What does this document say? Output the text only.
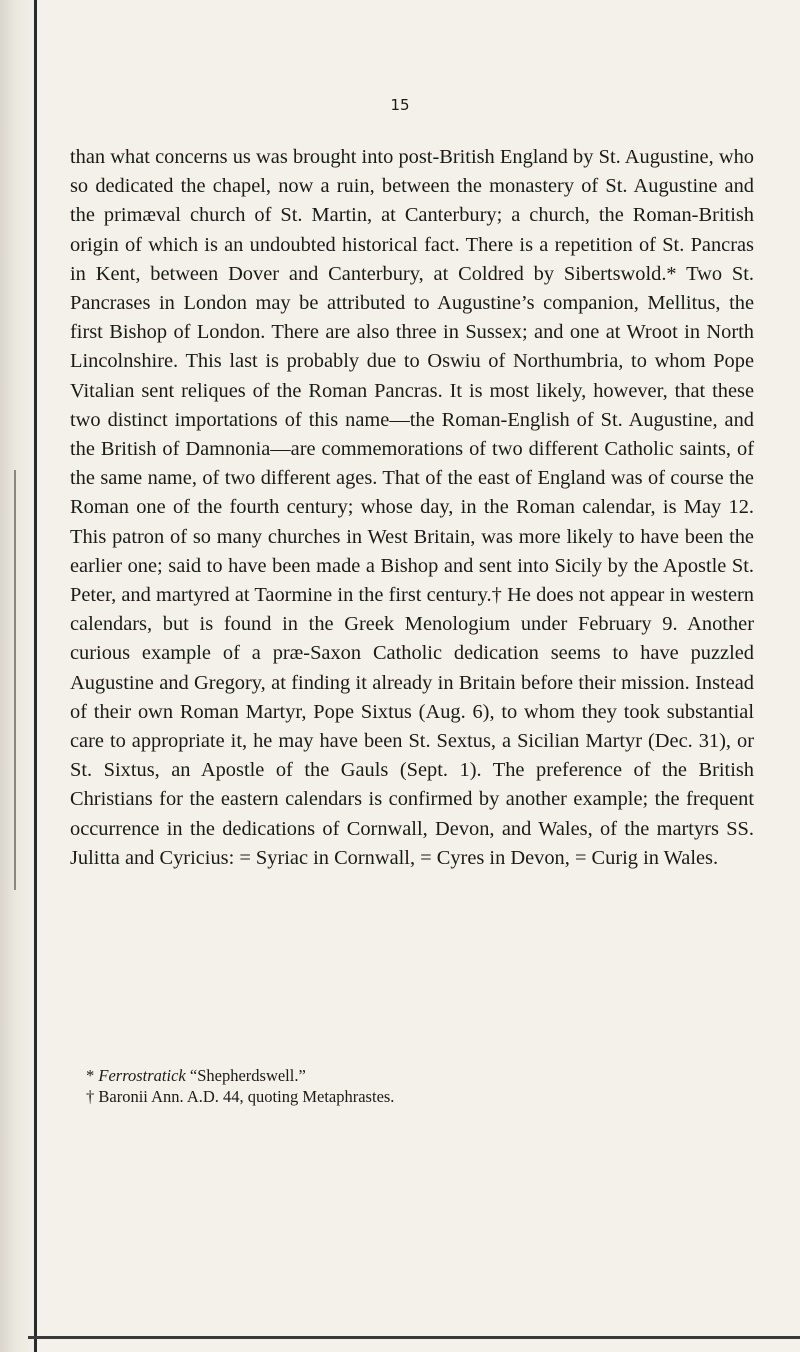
15

than what concerns us was brought into post-British England by St. Augustine, who so dedicated the chapel, now a ruin, between the monastery of St. Augustine and the primæval church of St. Martin, at Canterbury; a church, the Roman-British origin of which is an undoubted historical fact. There is a repetition of St. Pancras in Kent, between Dover and Canterbury, at Coldred by Sibertswold.* Two St. Pancrases in London may be attributed to Augustine’s companion, Mellitus, the first Bishop of London. There are also three in Sussex; and one at Wroot in North Lincolnshire. This last is probably due to Oswiu of Northumbria, to whom Pope Vitalian sent reliques of the Roman Pancras. It is most likely, however, that these two distinct importations of this name—the Roman-English of St. Augustine, and the British of Damnonia—are commemorations of two different Catholic saints, of the same name, of two different ages. That of the east of England was of course the Roman one of the fourth century; whose day, in the Roman calendar, is May 12. This patron of so many churches in West Britain, was more likely to have been the earlier one; said to have been made a Bishop and sent into Sicily by the Apostle St. Peter, and martyred at Taormine in the first century.† He does not appear in western calendars, but is found in the Greek Menologium under February 9. Another curious example of a præ-Saxon Catholic dedication seems to have puzzled Augustine and Gregory, at finding it already in Britain before their mission. Instead of their own Roman Martyr, Pope Sixtus (Aug. 6), to whom they took substantial care to appropriate it, he may have been St. Sextus, a Sicilian Martyr (Dec. 31), or St. Sixtus, an Apostle of the Gauls (Sept. 1). The preference of the British Christians for the eastern calendars is confirmed by another example; the frequent occurrence in the dedications of Cornwall, Devon, and Wales, of the martyrs SS. Julitta and Cyricius: = Syriac in Cornwall, = Cyres in Devon, = Curig in Wales.

* Ferrostratick “Shepherdswell.”

† Baronii Ann. A.D. 44, quoting Metaphrastes.
